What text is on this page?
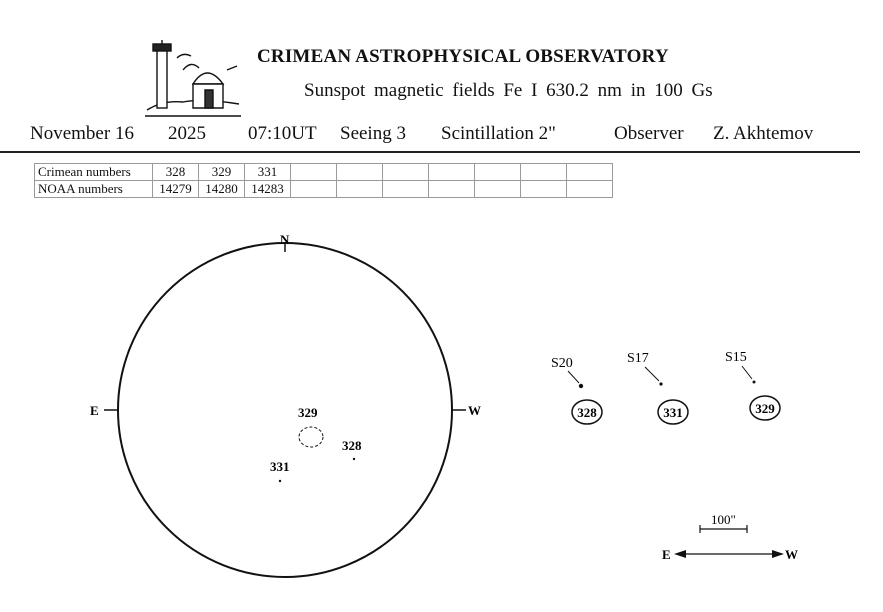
CRIMEAN ASTROPHYSICAL OBSERVATORY
Sunspot magnetic fields Fe I 630.2 nm in 100 Gs
November 16 2025 07:10UT Seeing 3 Scintillation 2"	Observer Z. Akhtemov
Crimean numbers	328	329	331							
NOAA numbers	14279	14280	14283							
N
E	W
329
328
331
S20
328
S17
331
S15
329
100"
E	W
